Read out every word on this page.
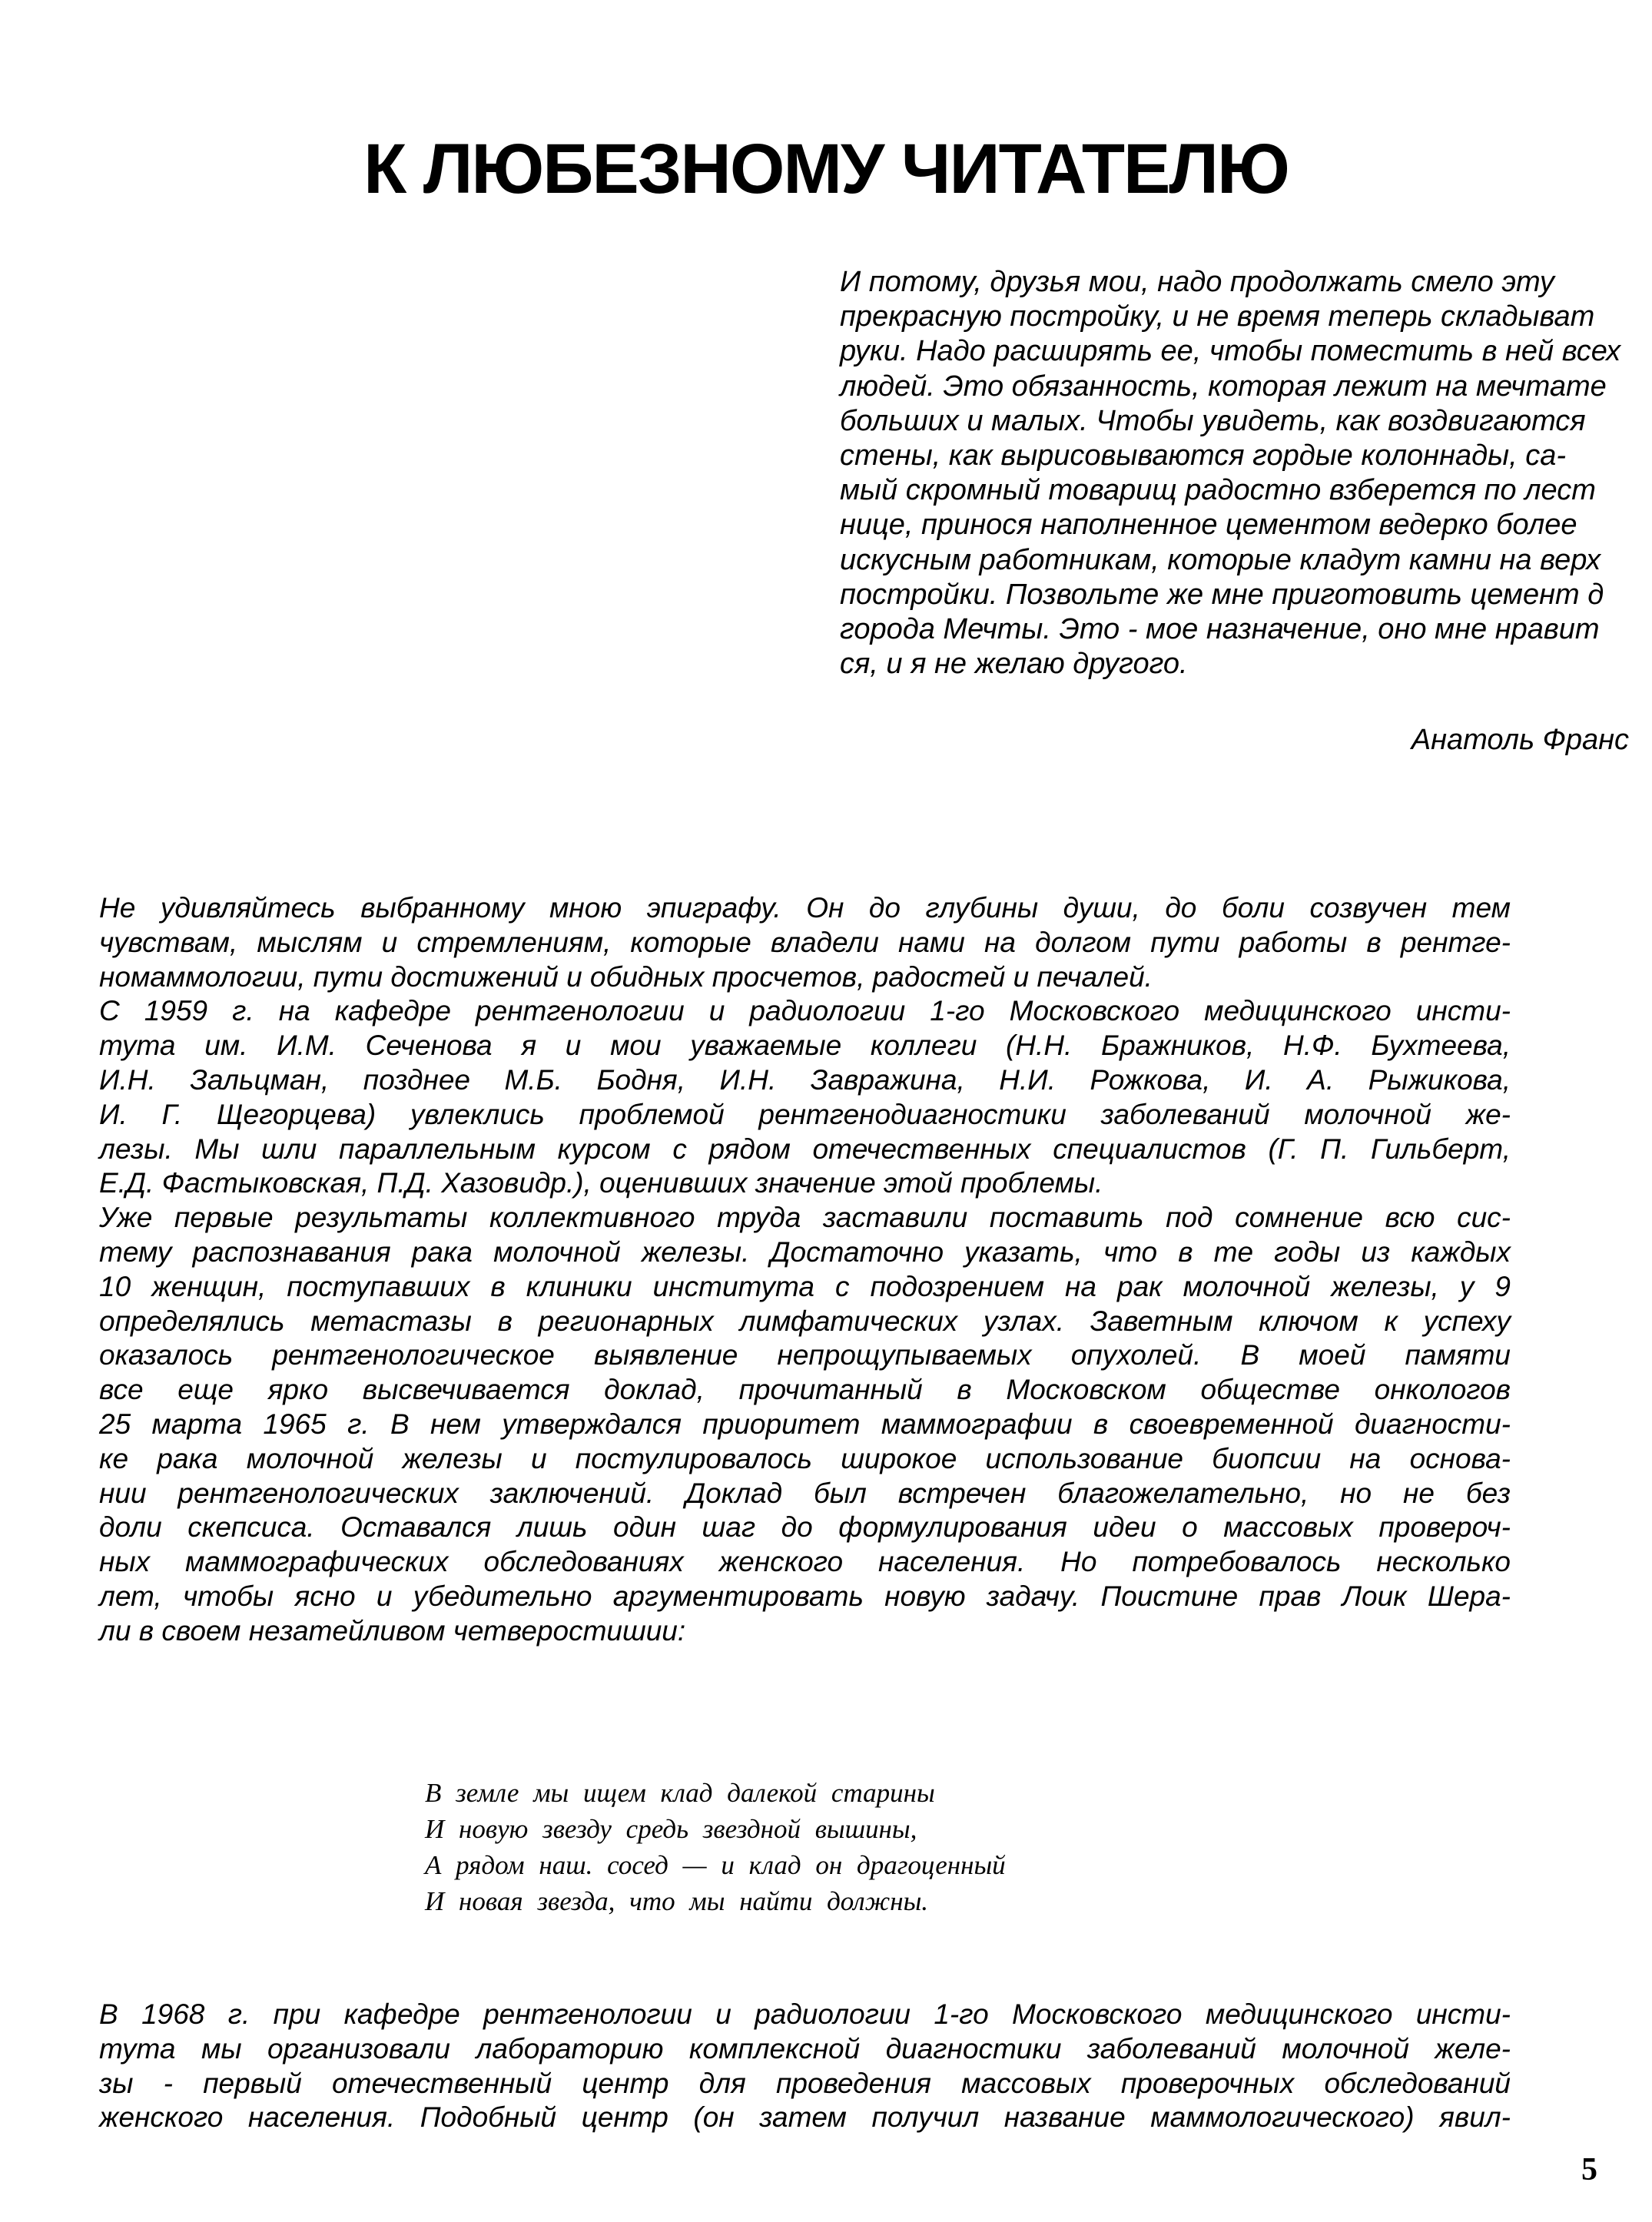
К ЛЮБЕЗНОМУ ЧИТАТЕЛЮ
И потому, друзья мои, надо продолжать смело эту
прекрасную постройку, и не время теперь складыват
руки. Надо расширять ее, чтобы поместить в ней всех
людей. Это обязанность, которая лежит на мечтате
больших и малых. Чтобы увидеть, как воздвигаются
стены, как вырисовываются гордые колоннады, са-
мый скромный товарищ радостно взберется по лест
нице, принося наполненное цементом ведерко более
искусным работникам, которые кладут камни на верх
постройки. Позвольте же мне приготовить цемент д
города Мечты. Это - мое назначение, оно мне нравит
ся, и я не желаю другого.
Анатоль Франс
Не удивляйтесь выбранному мною эпиграфу. Он до глубины души, до боли созвучен тем
чувствам, мыслям и стремлениям, которые владели нами на долгом пути работы в рентге-
номаммологии, пути достижений и обидных просчетов, радостей и печалей.
С 1959 г. на кафедре рентгенологии и радиологии 1-го Московского медицинского инсти-
тута им. И.М. Сеченова я и мои уважаемые коллеги (Н.Н. Бражников, Н.Ф. Бухтеева,
И.Н. Зальцман, позднее М.Б. Бодня, И.Н. Завражина, Н.И. Рожкова, И. А. Рыжикова,
И. Г. Щегорцева) увлеклись проблемой рентгенодиагностики заболеваний молочной же-
лезы. Мы шли параллельным курсом с рядом отечественных специалистов (Г. П. Гильберт,
Е.Д. Фастыковская, П.Д. Хазовидр.), оценивших значение этой проблемы.
Уже первые результаты коллективного труда заставили поставить под сомнение всю сис-
тему распознавания рака молочной железы. Достаточно указать, что в те годы из каждых
10 женщин, поступавших в клиники института с подозрением на рак молочной железы, у 9
определялись метастазы в регионарных лимфатических узлах. Заветным ключом к успеху
оказалось рентгенологическое выявление непрощупываемых опухолей. В моей памяти
все еще ярко высвечивается доклад, прочитанный в Московском обществе онкологов
25 марта 1965 г. В нем утверждался приоритет маммографии в своевременной диагности-
ке рака молочной железы и постулировалось широкое использование биопсии на основа-
нии рентгенологических заключений. Доклад был встречен благожелательно, но не без
доли скепсиса. Оставался лишь один шаг до формулирования идеи о массовых провероч-
ных маммографических обследованиях женского населения. Но потребовалось несколько
лет, чтобы ясно и убедительно аргументировать новую задачу. Поистине прав Лоик Шера-
ли в своем незатейливом четверостишии:
В земле мы ищем клад далекой старины
И новую звезду средь звездной вышины,
А рядом наш. сосед — и клад он драгоценный
И новая звезда, что мы найти должны.
В 1968 г. при кафедре рентгенологии и радиологии 1-го Московского медицинского инсти-
тута мы организовали лабораторию комплексной диагностики заболеваний молочной желе-
зы - первый отечественный центр для проведения массовых проверочных обследований
женского населения. Подобный центр (он затем получил название маммологического) явил-
5
